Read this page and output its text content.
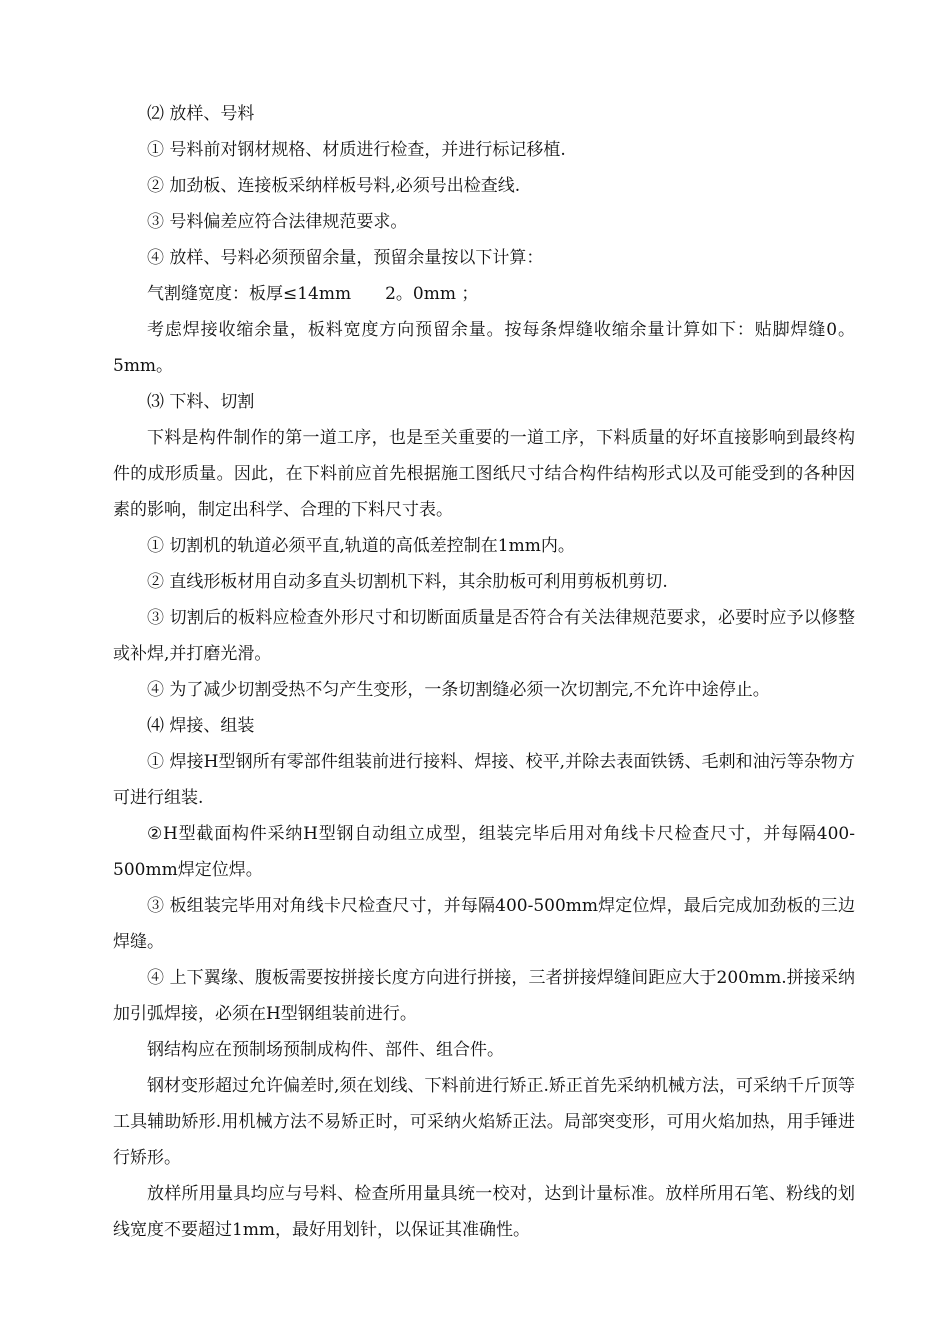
⑵ 放样、号料

① 号料前对钢材规格、材质进行检查，并进行标记移植.

② 加劲板、连接板采纳样板号料,必须号出检查线.

③ 号料偏差应符合法律规范要求。

④ 放样、号料必须预留余量，预留余量按以下计算：

气割缝宽度：板厚≤14mm　　2。0mm ；

考虑焊接收缩余量，板料宽度方向预留余量。按每条焊缝收缩余量计算如下：贴脚焊缝0。5mm。

⑶ 下料、切割

下料是构件制作的第一道工序，也是至关重要的一道工序，下料质量的好坏直接影响到最终构件的成形质量。因此，在下料前应首先根据施工图纸尺寸结合构件结构形式以及可能受到的各种因素的影响，制定出科学、合理的下料尺寸表。

① 切割机的轨道必须平直,轨道的高低差控制在1mm内。

② 直线形板材用自动多直头切割机下料，其余肋板可利用剪板机剪切.

③ 切割后的板料应检查外形尺寸和切断面质量是否符合有关法律规范要求，必要时应予以修整或补焊,并打磨光滑。

④ 为了减少切割受热不匀产生变形，一条切割缝必须一次切割完,不允许中途停止。

⑷ 焊接、组装

① 焊接H型钢所有零部件组装前进行接料、焊接、校平,并除去表面铁锈、毛刺和油污等杂物方可进行组装.

②H型截面构件采纳H型钢自动组立成型，组装完毕后用对角线卡尺检查尺寸，并每隔400-500mm焊定位焊。

③ 板组装完毕用对角线卡尺检查尺寸，并每隔400-500mm焊定位焊，最后完成加劲板的三边焊缝。

④ 上下翼缘、腹板需要按拼接长度方向进行拼接，三者拼接焊缝间距应大于200mm.拼接采纳加引弧焊接，必须在H型钢组装前进行。

钢结构应在预制场预制成构件、部件、组合件。

钢材变形超过允许偏差时,须在划线、下料前进行矫正.矫正首先采纳机械方法，可采纳千斤顶等工具辅助矫形.用机械方法不易矫正时，可采纳火焰矫正法。局部突变形，可用火焰加热，用手锤进行矫形。

放样所用量具均应与号料、检查所用量具统一校对，达到计量标准。放样所用石笔、粉线的划线宽度不要超过1mm，最好用划针，以保证其准确性。
